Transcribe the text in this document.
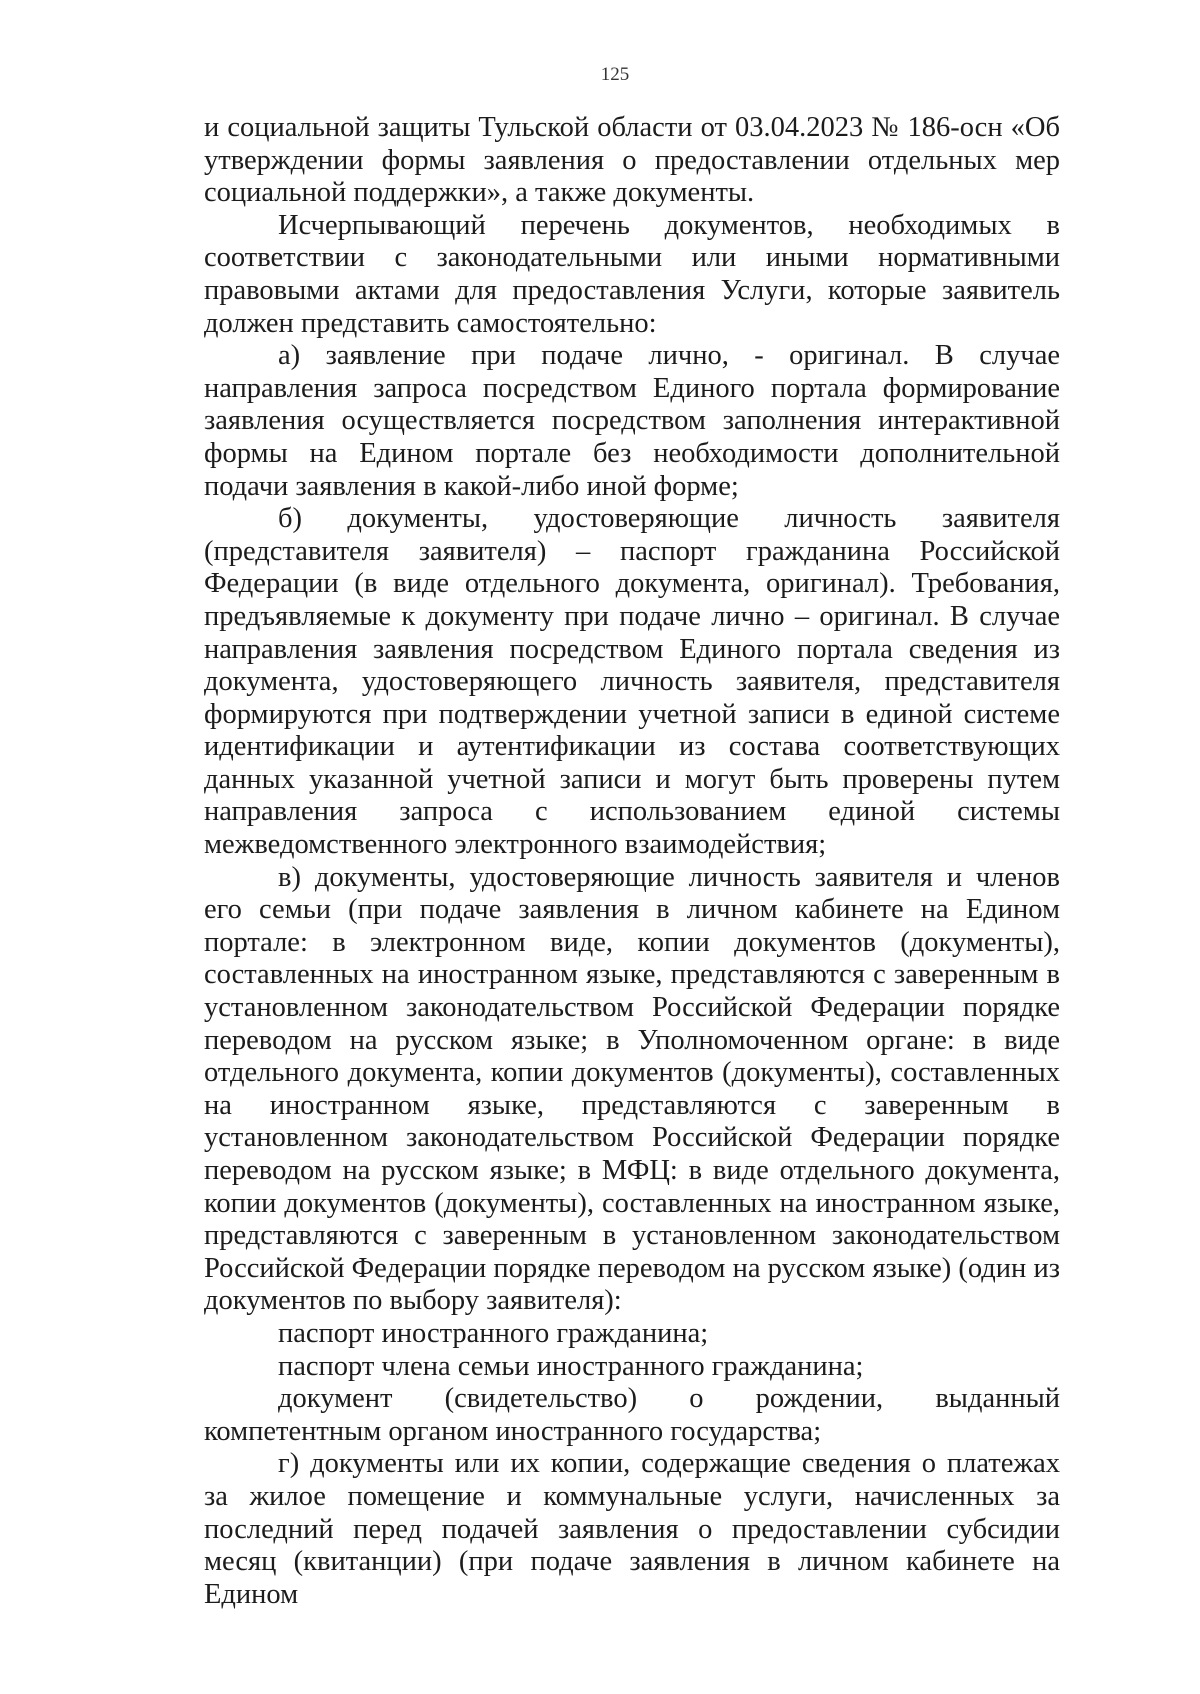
125

и социальной защиты Тульской области от 03.04.2023 № 186-осн «Об утверждении формы заявления о предоставлении отдельных мер социальной поддержки», а также документы.

Исчерпывающий перечень документов, необходимых в соответствии с законодательными или иными нормативными правовыми актами для предоставления Услуги, которые заявитель должен представить самостоятельно:

а) заявление при подаче лично, - оригинал. В случае направления запроса посредством Единого портала формирование заявления осуществляется посредством заполнения интерактивной формы на Едином портале без необходимости дополнительной подачи заявления в какой-либо иной форме;

б) документы, удостоверяющие личность заявителя (представителя заявителя) – паспорт гражданина Российской Федерации (в виде отдельного документа, оригинал). Требования, предъявляемые к документу при подаче лично – оригинал. В случае направления заявления посредством Единого портала сведения из документа, удостоверяющего личность заявителя, представителя формируются при подтверждении учетной записи в единой системе идентификации и аутентификации из состава соответствующих данных указанной учетной записи и могут быть проверены путем направления запроса с использованием единой системы межведомственного электронного взаимодействия;

в) документы, удостоверяющие личность заявителя и членов его семьи (при подаче заявления в личном кабинете на Едином портале: в электронном виде, копии документов (документы), составленных на иностранном языке, представляются с заверенным в установленном законодательством Российской Федерации порядке переводом на русском языке; в Уполномоченном органе: в виде отдельного документа, копии документов (документы), составленных на иностранном языке, представляются с заверенным в установленном законодательством Российской Федерации порядке переводом на русском языке; в МФЦ: в виде отдельного документа, копии документов (документы), составленных на иностранном языке, представляются с заверенным в установленном законодательством Российской Федерации порядке переводом на русском языке) (один из документов по выбору заявителя):

паспорт иностранного гражданина;

паспорт члена семьи иностранного гражданина;

документ (свидетельство) о рождении, выданный компетентным органом иностранного государства;

г) документы или их копии, содержащие сведения о платежах за жилое помещение и коммунальные услуги, начисленных за последний перед подачей заявления о предоставлении субсидии месяц (квитанции) (при подаче заявления в личном кабинете на Едином
